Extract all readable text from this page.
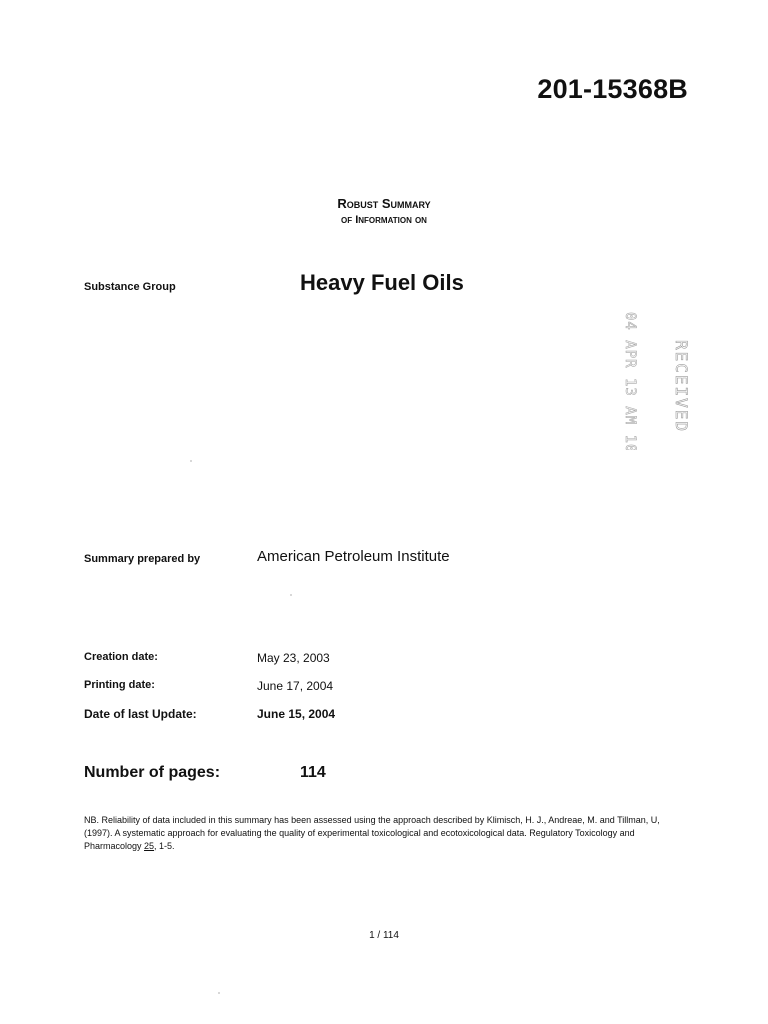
201-15368B
Robust Summary
of Information on
Substance Group	Heavy Fuel Oils
04 APR 13 AM 10:26 RECEIVED
Summary prepared by	American Petroleum Institute
Creation date:	May 23, 2003
Printing date:	June 17, 2004
Date of last Update:	June 15, 2004
Number of pages:	114
NB. Reliability of data included in this summary has been assessed using the approach described by Klimisch, H. J., Andreae, M. and Tillman, U, (1997). A systematic approach for evaluating the quality of experimental toxicological and ecotoxicological data. Regulatory Toxicology and Pharmacology 25, 1-5.
1 / 114
